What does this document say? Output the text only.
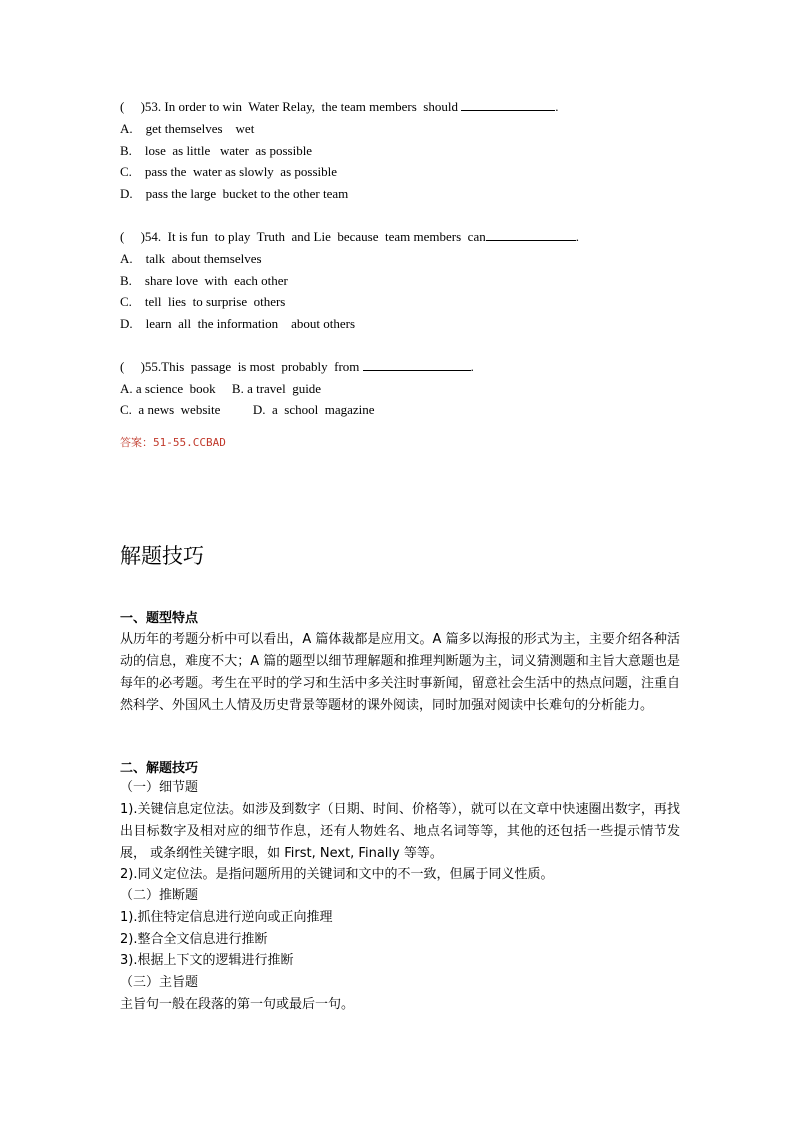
(     )53. In order to win  Water Relay,  the team members  should	.
A.    get themselves    wet
B.    lose  as little   water  as possible
C.    pass the  water as slowly  as possible
D.    pass the large  bucket to the other team
(     )54.  It is fun  to play  Truth  and Lie  because  team members  can	.
A.    talk  about themselves
B.    share love  with  each other
C.    tell  lies  to surprise  others
D.    learn  all  the information    about others
(     )55.This  passage  is most  probably  from	.
A. a science  book     B. a travel  guide
C.  a news  website          D.  a  school  magazine
答案：51-55.CCBAD
解题技巧
一、题型特点
从历年的考题分析中可以看出，A 篇体裁都是应用文。A 篇多以海报的形式为主，主要介绍各种活动的信息，难度不大；A 篇的题型以细节理解题和推理判断题为主，词义猜测题和主旨大意题也是每年的必考题。考生在平时的学习和生活中多关注时事新闻，留意社会生活中的热点问题，注重自然科学、外国风土人情及历史背景等题材的课外阅读，同时加强对阅读中长难句的分析能力。
二、解题技巧
（一）细节题
1).关键信息定位法。如涉及到数字（日期、时间、价格等），就可以在文章中快速圈出数字，再找出目标数字及相对应的细节作息，还有人物姓名、地点名词等等，其他的还包括一些提示情节发展， 或条纲性关键字眼，如 First, Next, Finally 等等。
2).同义定位法。是指问题所用的关键词和文中的不一致，但属于同义性质。
（二）推断题
1).抓住特定信息进行逆向或正向推理
2).整合全文信息进行推断
3).根据上下文的逻辑进行推断
（三）主旨题
主旨句一般在段落的第一句或最后一句。
